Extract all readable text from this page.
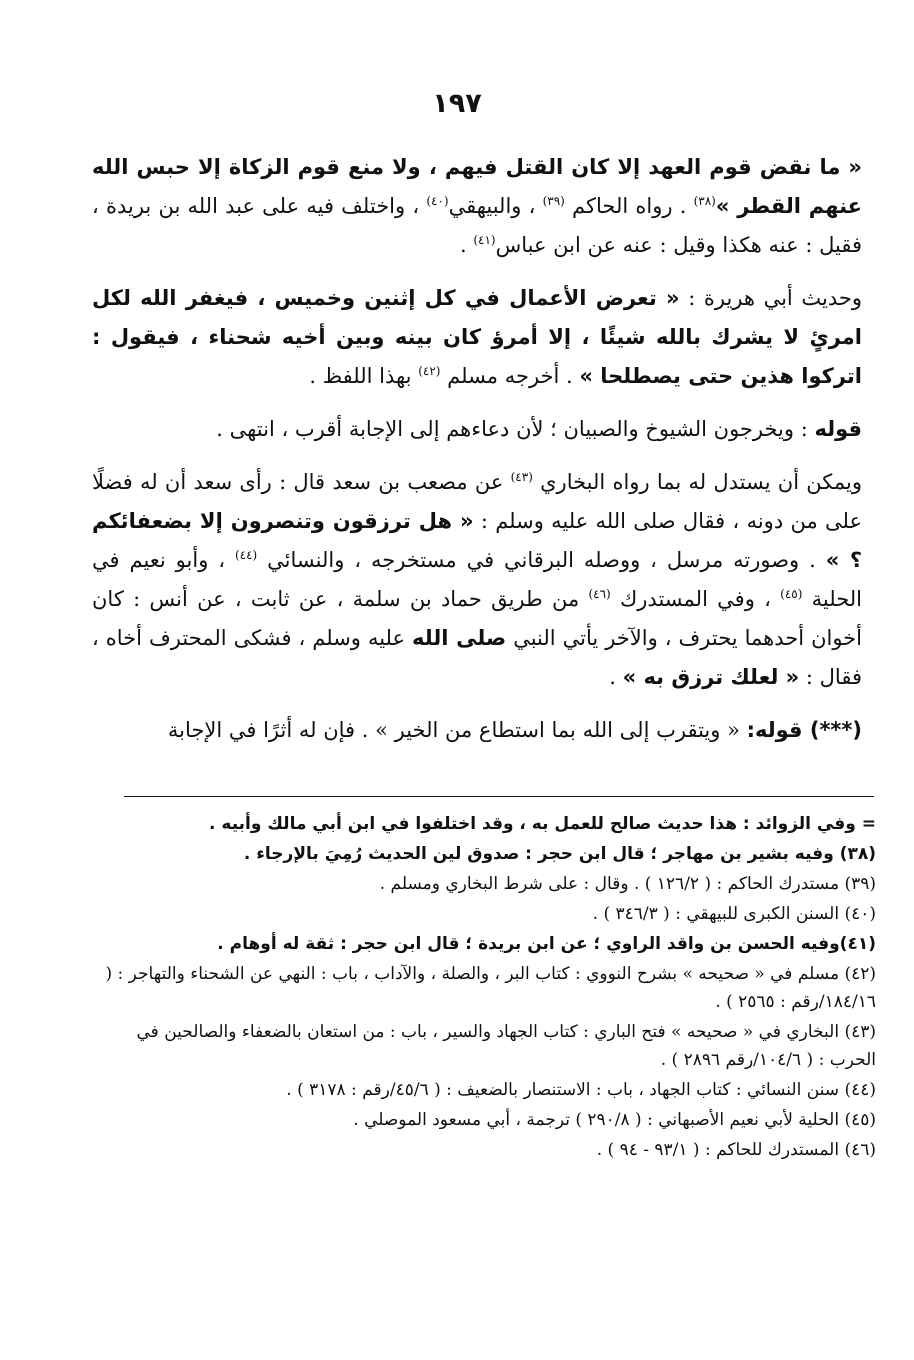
١٩٧

« ما نقض قوم العهد إلا كان القتل فيهم ، ولا منع قوم الزكاة إلا حبس الله عنهم القطر »$^{(٣٨)}$ . رواه الحاكم $^{(٣٩)}$ ، والبيهقي$^{(٤٠)}$ ، واختلف فيه على عبد الله بن بريدة ، فقيل : عنه هكذا وقيل : عنه عن ابن عباس$^{(٤١)}$ .

وحديث أبي هريرة : « تعرض الأعمال في كل إثنين وخميس ، فيغفر الله لكل امرئٍ لا يشرك بالله شيئًا ، إلا أمرؤ كان بينه وبين أخيه شحناء ، فيقول : اتركوا هذين حتى يصطلحا » . أخرجه مسلم $^{(٤٢)}$ بهذا اللفظ .

قوله : ويخرجون الشيوخ والصبيان ؛ لأن دعاءهم إلى الإجابة أقرب ، انتهى .

ويمكن أن يستدل له بما رواه البخاري $^{(٤٣)}$ عن مصعب بن سعد قال : رأى سعد أن له فضلًا على من دونه ، فقال صلى الله عليه وسلم : « هل ترزقون وتنصرون إلا بضعفائكم ؟ » . وصورته مرسل ، ووصله البرقاني في مستخرجه ، والنسائي $^{(٤٤)}$ ، وأبو نعيم في الحلية $^{(٤٥)}$ ، وفي المستدرك $^{(٤٦)}$ من طريق حماد بن سلمة ، عن ثابت ، عن أنس : كان أخوان أحدهما يحترف ، والآخر يأتي النبي صلى الله عليه وسلم ، فشكى المحترف أخاه ، فقال : « لعلك ترزق به » .

(***) قوله: « ويتقرب إلى الله بما استطاع من الخير » . فإن له أثرًا في الإجابة

= وفي الزوائد : هذا حديث صالح للعمل به ، وقد اختلفوا في ابن أبي مالك وأبيه .

(٣٨) وفيه بشير بن مهاجر ؛ قال ابن حجر : صدوق لين الحديث رُمِيَ بالإرجاء .

(٣٩) مستدرك الحاكم : ( ١٢٦/٢ ) . وقال : على شرط البخاري ومسلم .

(٤٠) السنن الكبرى للبيهقي : ( ٣٤٦/٣ ) .

(٤١)وفيه الحسن بن واقد الراوي ؛ عن ابن بريدة ؛ قال ابن حجر : ثقة له أوهام .

(٤٢) مسلم في « صحيحه » بشرح النووي : كتاب البر ، والصلة ، والآداب ، باب : النهي عن الشحناء والتهاجر : ( ١٨٤/١٦/رقم : ٢٥٦٥ ) .

(٤٣) البخاري في « صحيحه » فتح الباري : كتاب الجهاد والسير ، باب : من استعان بالضعفاء والصالحين في الحرب : ( ١٠٤/٦/رقم ٢٨٩٦ ) .

(٤٤) سنن النسائي : كتاب الجهاد ، باب : الاستنصار بالضعيف : ( ٤٥/٦/رقم : ٣١٧٨ ) .

(٤٥) الحلية لأبي نعيم الأصبهاني : ( ٢٩٠/٨ ) ترجمة ، أبي مسعود الموصلي .

(٤٦) المستدرك للحاكم : ( ٩٣/١ - ٩٤ ) .
